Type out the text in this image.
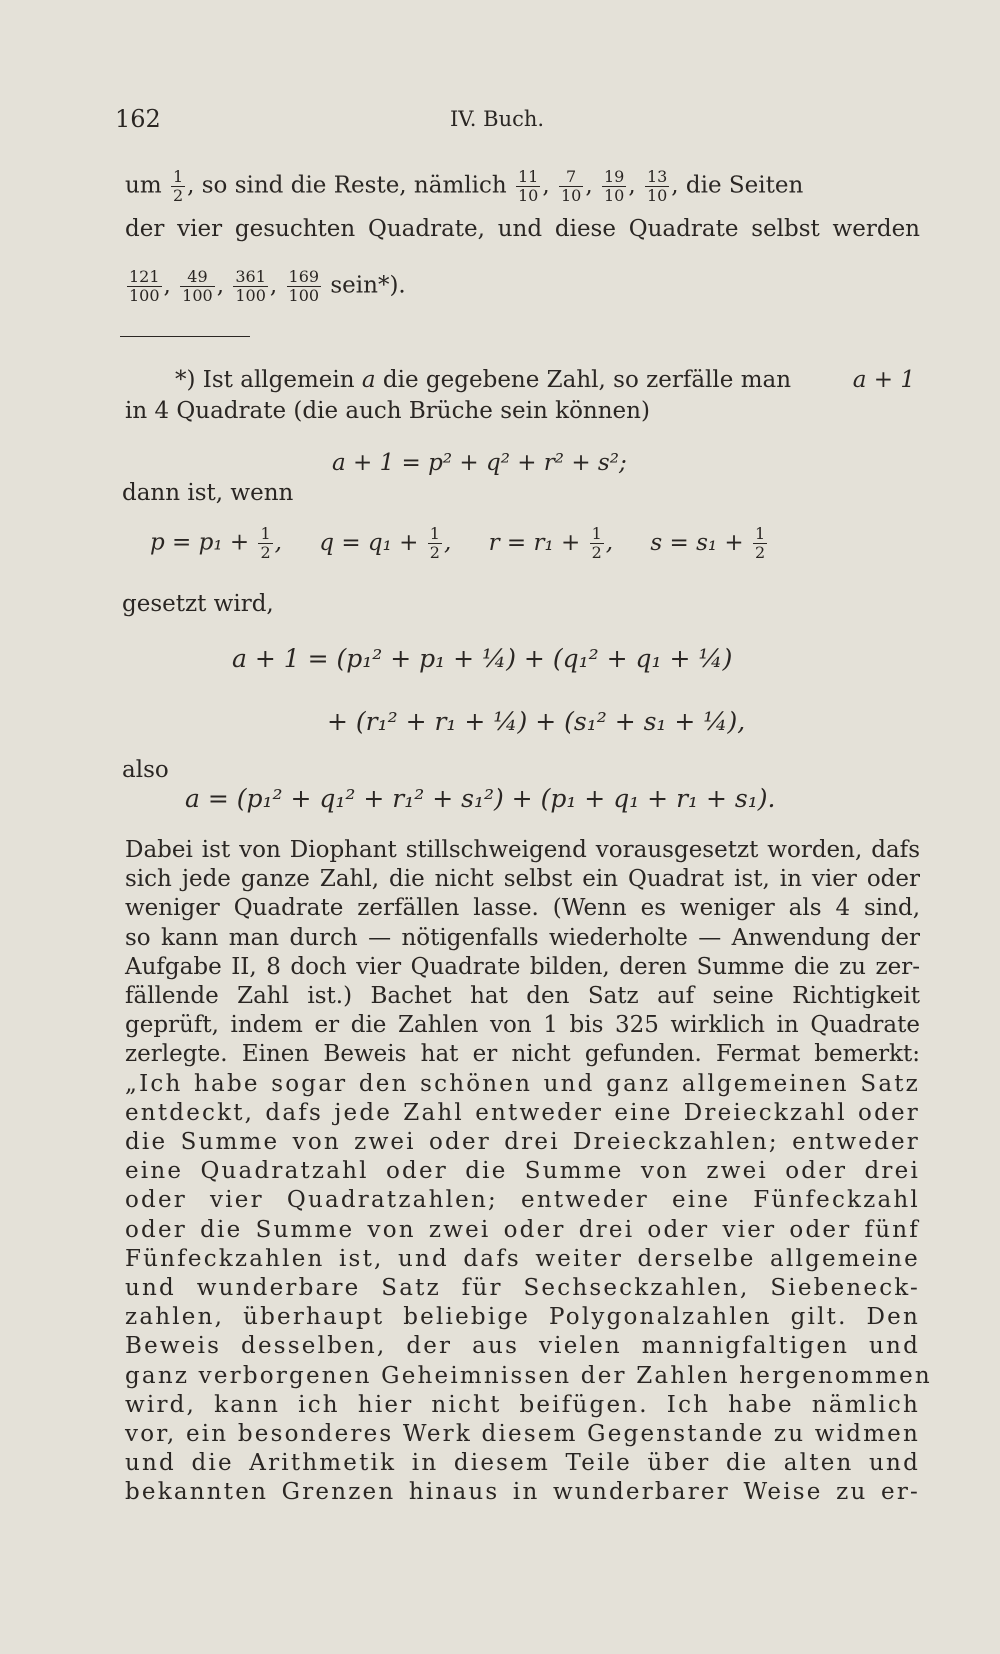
162	IV. Buch.
um $\frac{1}{2}$ , so sind die Reste, nämlich $\frac{11}{10}$ , $\frac{7}{10}$ , $\frac{19}{10}$ , $\frac{13}{10}$ , die Seiten
der vier gesuchten Quadrate, und diese Quadrate selbst werden
$\frac{121}{100}$ , $\frac{49}{100}$ , $\frac{361}{100}$ , $\frac{169}{100}$ sein*).
*) Ist allgemein a die gegebene Zahl, so zerfälle man	a + 1
in 4 Quadrate (die auch Brüche sein können)
a + 1 = p² + q² + r² + s²;
dann ist, wenn
$p = p_1 + \frac{1}{2}$ , $q = q_1 + \frac{1}{2}$ , $r = r_1 + \frac{1}{2}$ , $s = s_1 + \frac{1}{2}$
gesetzt wird,
a + 1 = (p₁² + p₁ + ¼) + (q₁² + q₁ + ¼)
+ (r₁² + r₁ + ¼) + (s₁² + s₁ + ¼),
also
a = (p₁² + q₁² + r₁² + s₁²) + (p₁ + q₁ + r₁ + s₁).
Dabei ist von Diophant stillschweigend vorausgesetzt worden, dafs
sich jede ganze Zahl, die nicht selbst ein Quadrat ist, in vier oder
weniger Quadrate zerfällen lasse. (Wenn es weniger als 4 sind,
so kann man durch — nötigenfalls wiederholte — Anwendung der
Aufgabe II, 8 doch vier Quadrate bilden, deren Summe die zu zer-
fällende Zahl ist.) Bachet hat den Satz auf seine Richtigkeit
geprüft, indem er die Zahlen von 1 bis 325 wirklich in Quadrate
zerlegte. Einen Beweis hat er nicht gefunden. Fermat bemerkt:
„Ich habe sogar den schönen und ganz allgemeinen Satz
entdeckt, dafs jede Zahl entweder eine Dreieckzahl oder
die Summe von zwei oder drei Dreieckzahlen; entweder
eine Quadratzahl oder die Summe von zwei oder drei
oder vier Quadratzahlen; entweder eine Fünfeckzahl
oder die Summe von zwei oder drei oder vier oder fünf
Fünfeckzahlen ist, und dafs weiter derselbe allgemeine
und wunderbare Satz für Sechseckzahlen, Siebeneck-
zahlen, überhaupt beliebige Polygonalzahlen gilt. Den
Beweis desselben, der aus vielen mannigfaltigen und
ganz verborgenen Geheimnissen der Zahlen hergenommen
wird, kann ich hier nicht beifügen. Ich habe nämlich
vor, ein besonderes Werk diesem Gegenstande zu widmen
und die Arithmetik in diesem Teile über die alten und
bekannten Grenzen hinaus in wunderbarer Weise zu er-
